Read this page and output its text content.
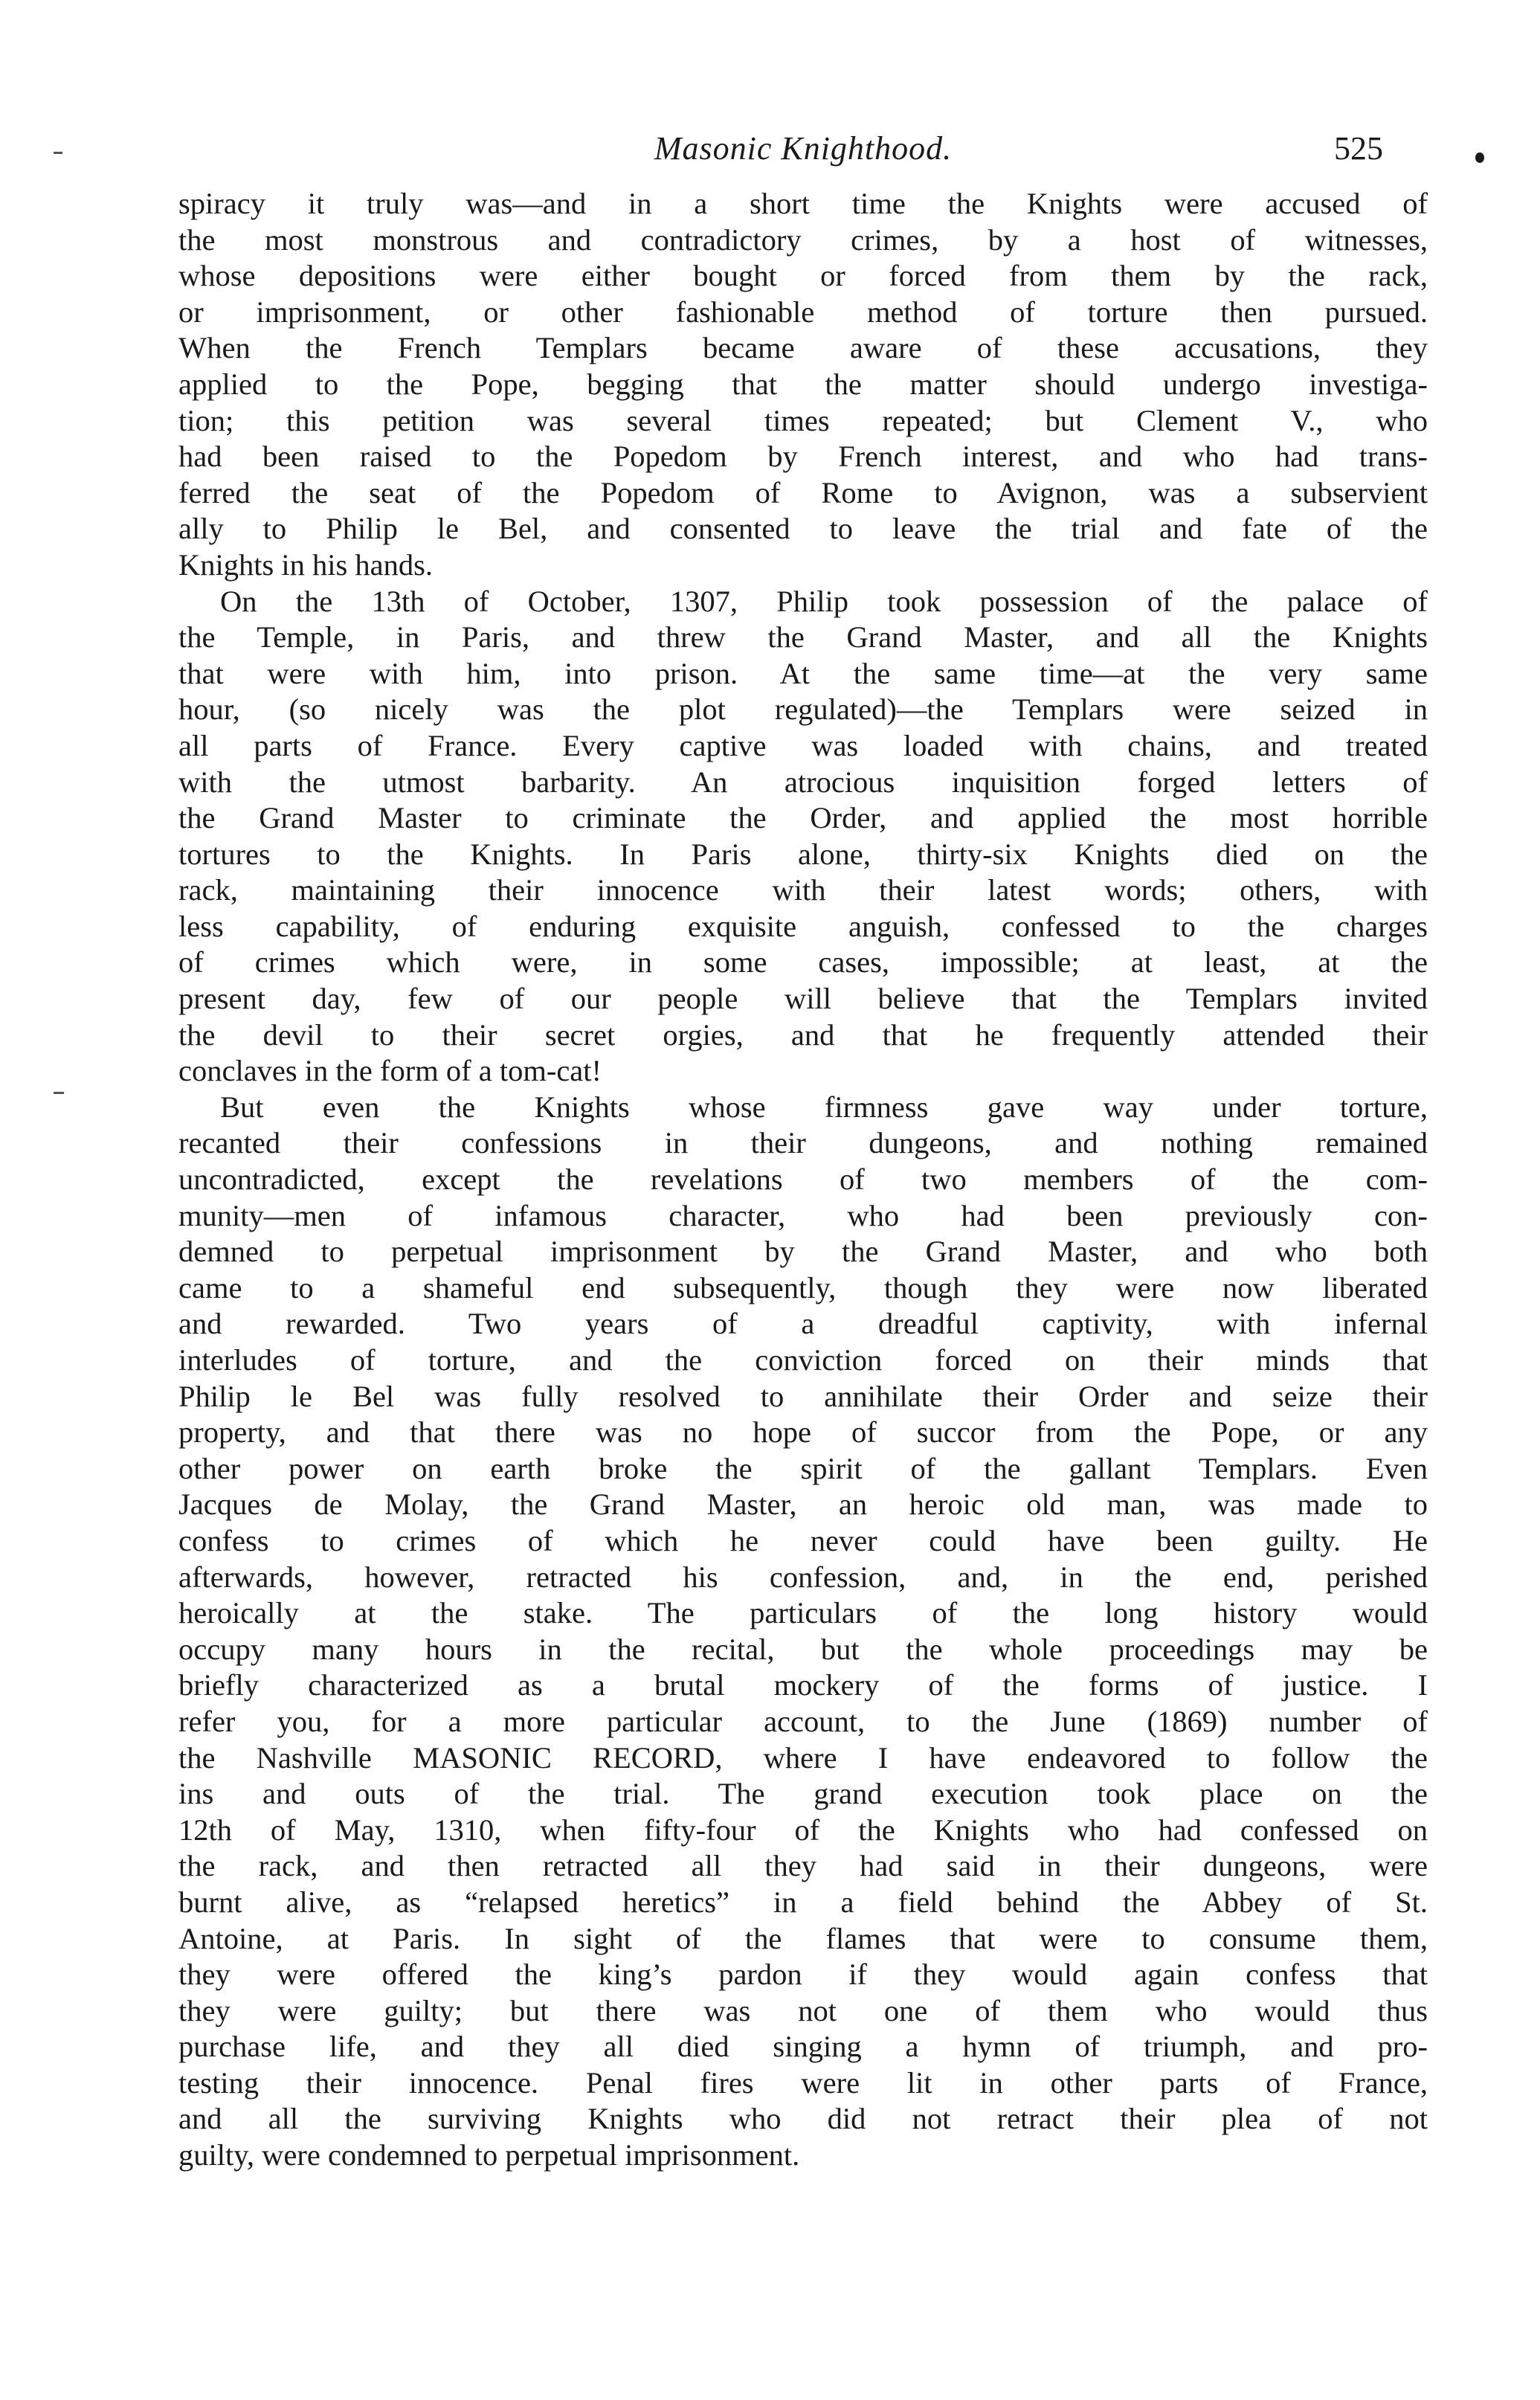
Masonic Knighthood.	525
spiracy it truly was—and in a short time the Knights were accused of
the most monstrous and contradictory crimes, by a host of witnesses,
whose depositions were either bought or forced from them by the rack,
or imprisonment, or other fashionable method of torture then pursued.
When the French Templars became aware of these accusations, they
applied to the Pope, begging that the matter should undergo investiga-
tion; this petition was several times repeated; but Clement V., who
had been raised to the Popedom by French interest, and who had trans-
ferred the seat of the Popedom of Rome to Avignon, was a subservient
ally to Philip le Bel, and consented to leave the trial and fate of the
Knights in his hands.
On the 13th of October, 1307, Philip took possession of the palace of
the Temple, in Paris, and threw the Grand Master, and all the Knights
that were with him, into prison. At the same time—at the very same
hour, (so nicely was the plot regulated)—the Templars were seized in
all parts of France. Every captive was loaded with chains, and treated
with the utmost barbarity. An atrocious inquisition forged letters of
the Grand Master to criminate the Order, and applied the most horrible
tortures to the Knights. In Paris alone, thirty-six Knights died on the
rack, maintaining their innocence with their latest words; others, with
less capability, of enduring exquisite anguish, confessed to the charges
of crimes which were, in some cases, impossible; at least, at the
present day, few of our people will believe that the Templars invited
the devil to their secret orgies, and that he frequently attended their
conclaves in the form of a tom-cat!
But even the Knights whose firmness gave way under torture,
recanted their confessions in their dungeons, and nothing remained
uncontradicted, except the revelations of two members of the com-
munity—men of infamous character, who had been previously con-
demned to perpetual imprisonment by the Grand Master, and who both
came to a shameful end subsequently, though they were now liberated
and rewarded. Two years of a dreadful captivity, with infernal
interludes of torture, and the conviction forced on their minds that
Philip le Bel was fully resolved to annihilate their Order and seize their
property, and that there was no hope of succor from the Pope, or any
other power on earth broke the spirit of the gallant Templars. Even
Jacques de Molay, the Grand Master, an heroic old man, was made to
confess to crimes of which he never could have been guilty. He
afterwards, however, retracted his confession, and, in the end, perished
heroically at the stake. The particulars of the long history would
occupy many hours in the recital, but the whole proceedings may be
briefly characterized as a brutal mockery of the forms of justice. I
refer you, for a more particular account, to the June (1869) number of
the Nashville MASONIC RECORD, where I have endeavored to follow the
ins and outs of the trial. The grand execution took place on the
12th of May, 1310, when fifty-four of the Knights who had confessed on
the rack, and then retracted all they had said in their dungeons, were
burnt alive, as “relapsed heretics” in a field behind the Abbey of St.
Antoine, at Paris. In sight of the flames that were to consume them,
they were offered the king’s pardon if they would again confess that
they were guilty; but there was not one of them who would thus
purchase life, and they all died singing a hymn of triumph, and pro-
testing their innocence. Penal fires were lit in other parts of France,
and all the surviving Knights who did not retract their plea of not
guilty, were condemned to perpetual imprisonment.
